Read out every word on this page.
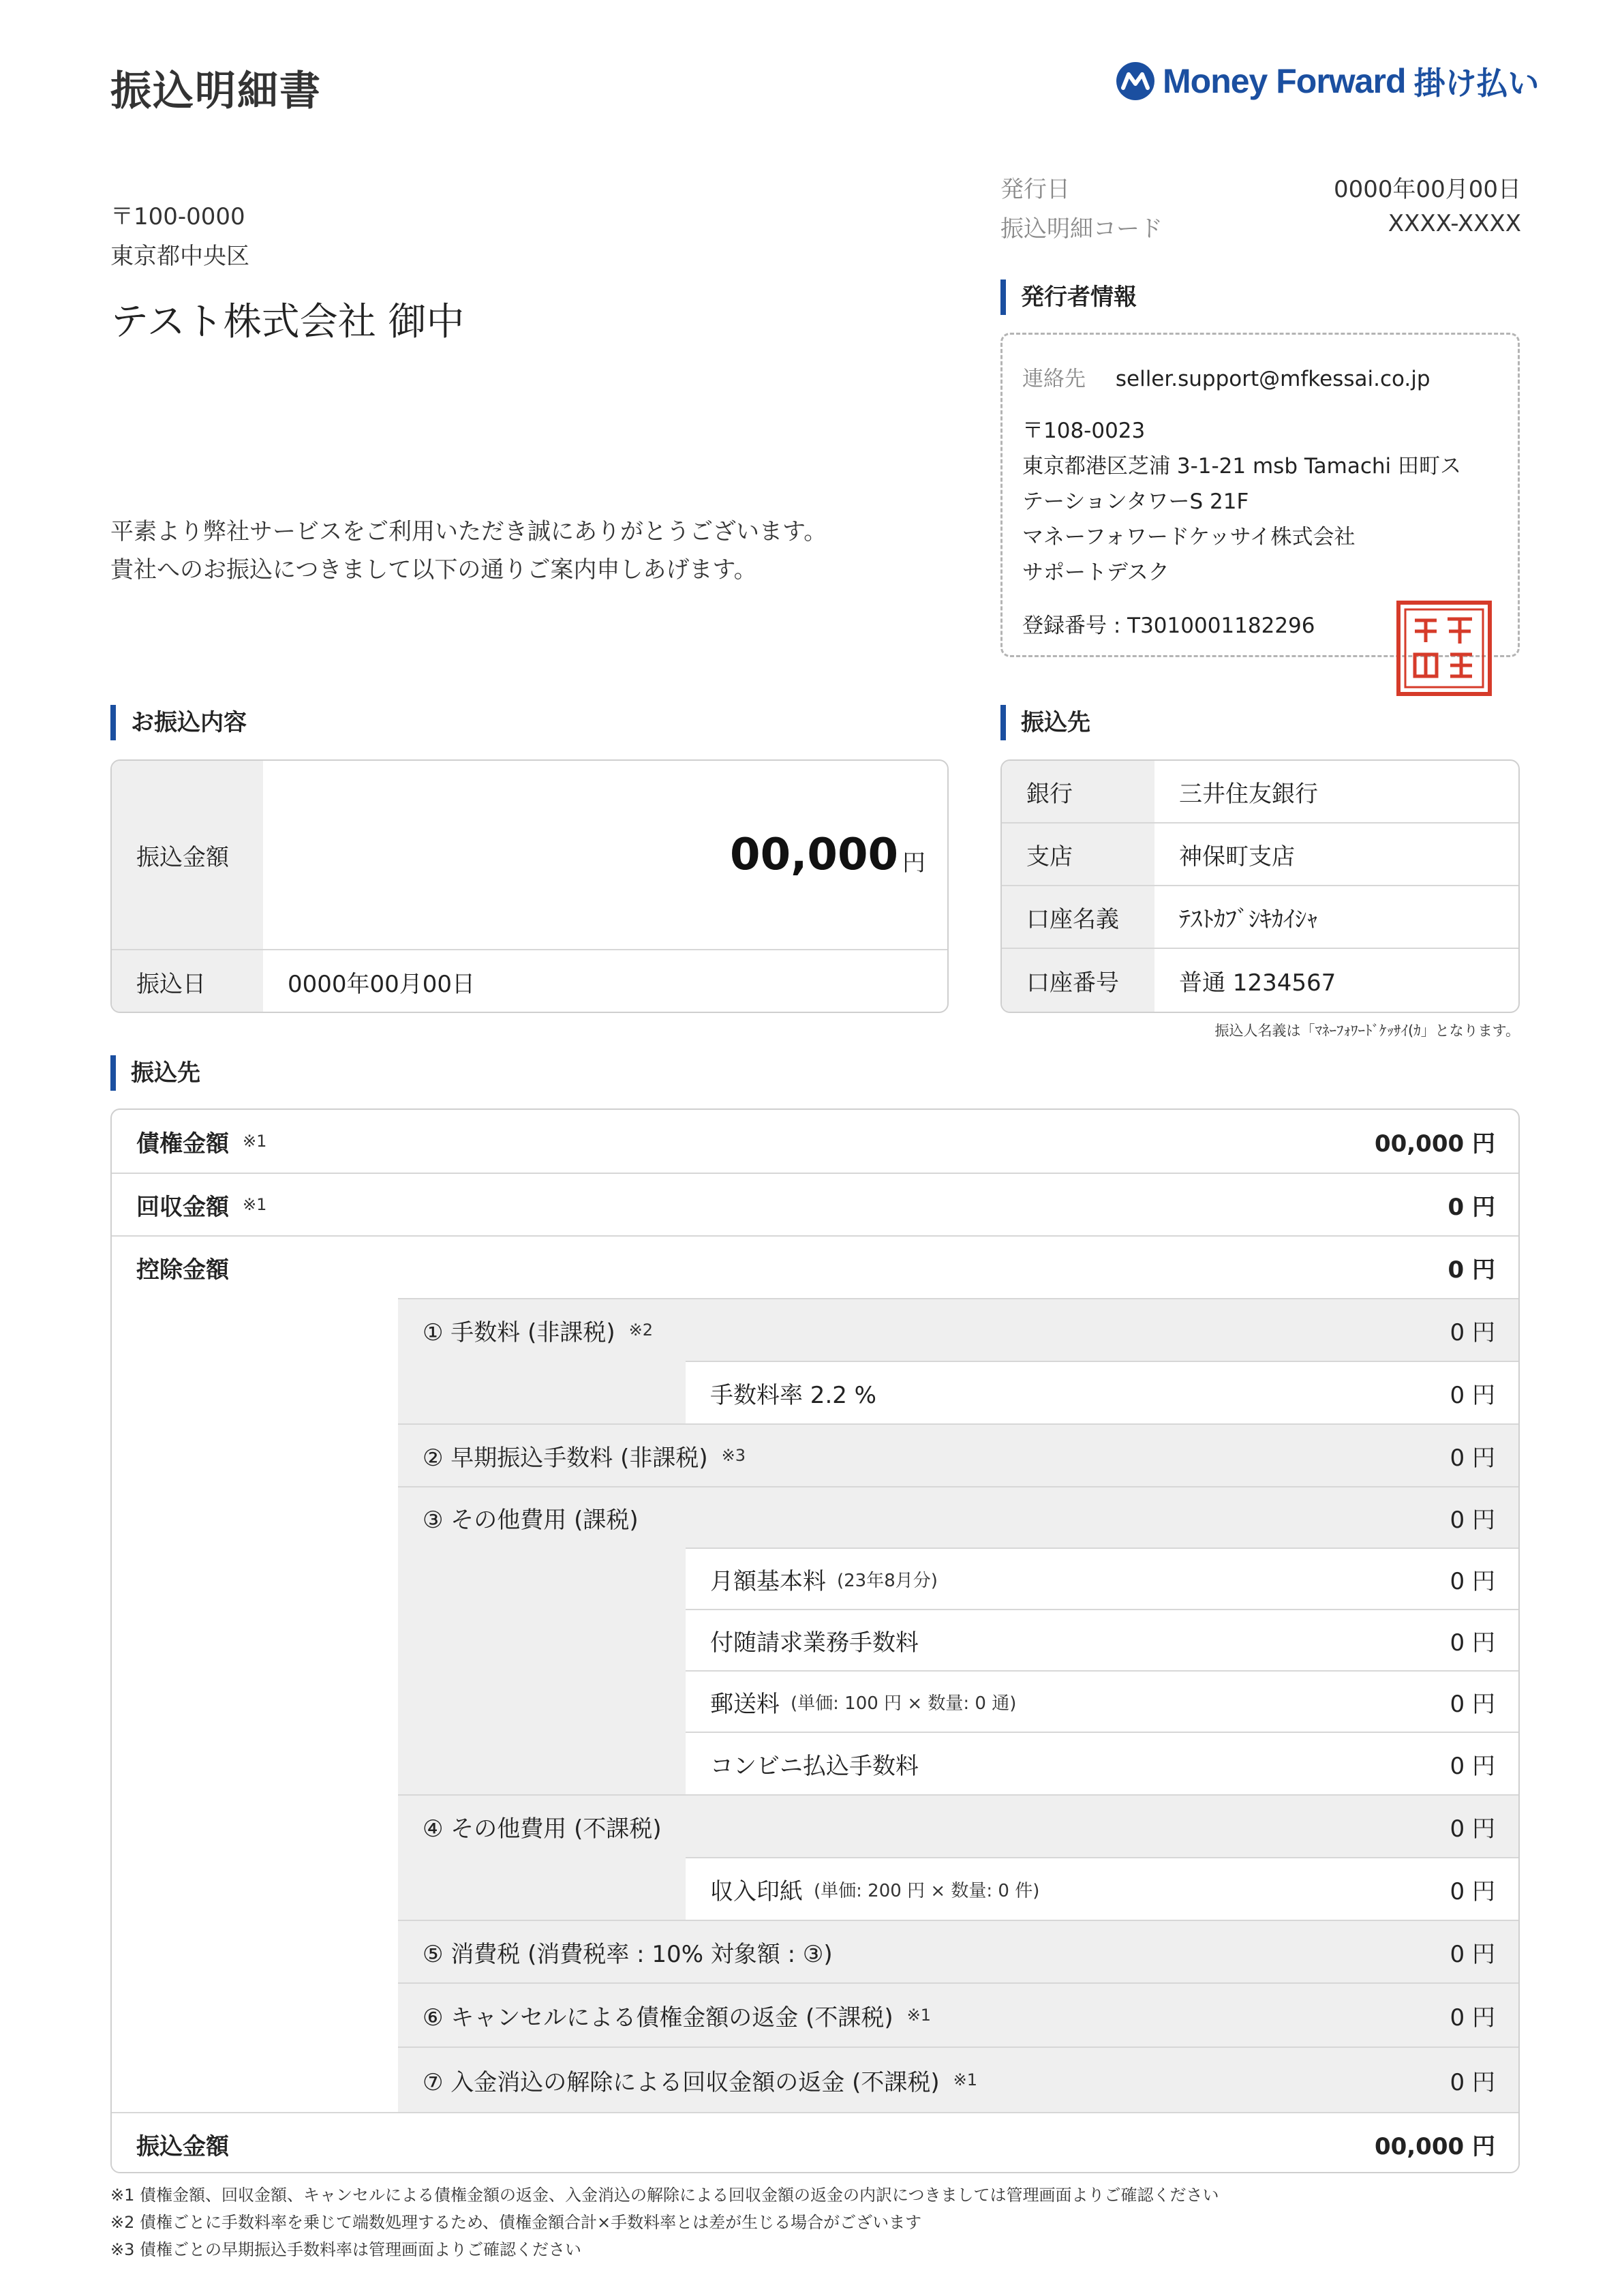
振込明細書	Money Forward 掛け払い
〒100-0000
東京都中央区
テスト株式会社 御中
平素より弊社サービスをご利用いただき誠にありがとうございます。
貴社へのお振込につきまして以下の通りご案内申しあげます。
発行日	0000年00月00日
振込明細コード	XXXX-XXXX
発行者情報
連絡先 seller.support@mfkessai.co.jp
〒108-0023
東京都港区芝浦 3-1-21 msb Tamachi 田町ス
テーションタワーS 21F
マネーフォワードケッサイ株式会社
サポートデスク
登録番号 : T3010001182296
お振込内容
振込金額	00,000 円
振込日	0000年00月00日
振込先
銀行	三井住友銀行
支店	神保町支店
口座名義	ﾃｽﾄｶﾌﾞｼｷｶｲｼｬ
口座番号	普通 1234567
振込人名義は「ﾏﾈｰﾌｫﾜｰﾄﾞｹｯｻｲ(ｶ」となります。
振込先
債権金額 ※1	00,000 円
回収金額 ※1	0 円
控除金額	0 円
① 手数料 (非課税) ※2	0 円
手数料率 2.2 %	0 円
② 早期振込手数料 (非課税) ※3	0 円
③ その他費用 (課税)	0 円
月額基本料 (23年8月分)	0 円
付随請求業務手数料	0 円
郵送料 (単価: 100 円 × 数量: 0 通)	0 円
コンビニ払込手数料	0 円
④ その他費用 (不課税)	0 円
収入印紙 (単価: 200 円 × 数量: 0 件)	0 円
⑤ 消費税 (消費税率 : 10% 対象額 : ③)	0 円
⑥ キャンセルによる債権金額の返金 (不課税) ※1	0 円
⑦ 入金消込の解除による回収金額の返金 (不課税) ※1	0 円
振込金額	00,000 円
※1 債権金額、回収金額、キャンセルによる債権金額の返金、入金消込の解除による回収金額の返金の内訳につきましては管理画面よりご確認ください
※2 債権ごとに手数料率を乗じて端数処理するため、債権金額合計×手数料率とは差が生じる場合がございます
※3 債権ごとの早期振込手数料率は管理画面よりご確認ください
